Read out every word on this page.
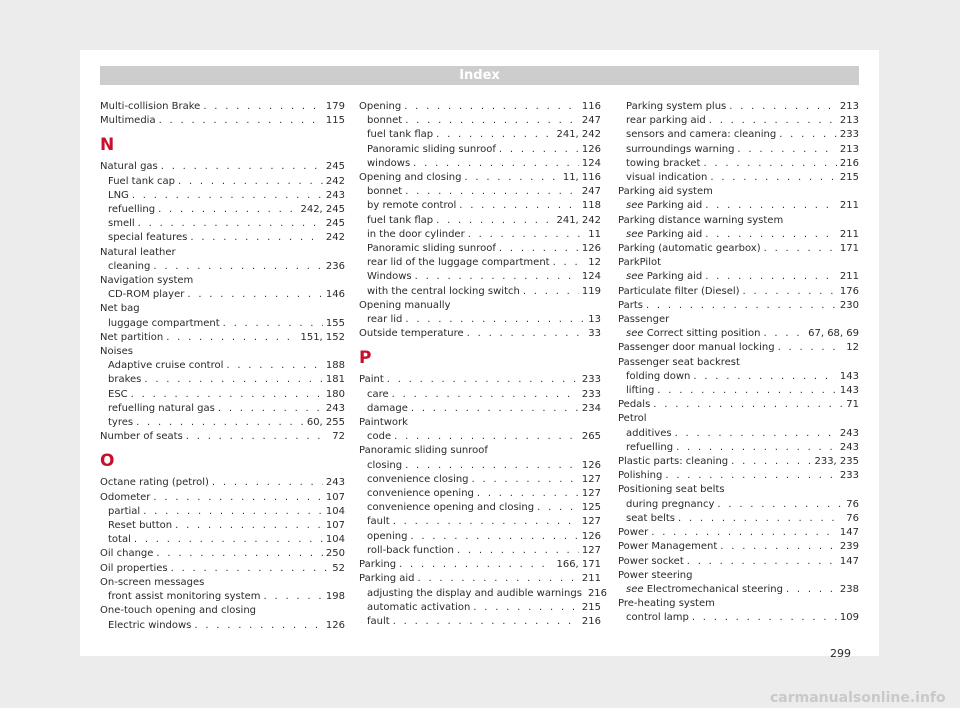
Index
Multi-collision Brake . . .	179
Multimedia . . .	115
N
Natural gas . . .	245
Fuel tank cap . . .	242
LNG . . .	243
refuelling . . .	242, 245
smell . . .	245
special features . . .	242
Natural leather
cleaning . . .	236
Navigation system
CD-ROM player . . .	146
Net bag
luggage compartment . . .	155
Net partition . . .	151, 152
Noises
Adaptive cruise control . . .	188
brakes . . .	181
ESC . . .	180
refuelling natural gas . . .	243
tyres . . .	60, 255
Number of seats . . .	72
O
Octane rating (petrol) . . .	243
Odometer . . .	107
partial . . .	104
Reset button . . .	107
total . . .	104
Oil change . . .	250
Oil properties . . .	52
On-screen messages
front assist monitoring system . . .	198
One-touch opening and closing
Electric windows . . .	126
Opening . . .	116
bonnet . . .	247
fuel tank flap . . .	241, 242
Panoramic sliding sunroof . . .	126
windows . . .	124
Opening and closing . . .	11, 116
bonnet . . .	247
by remote control . . .	118
fuel tank flap . . .	241, 242
in the door cylinder . . .	11
Panoramic sliding sunroof . . .	126
rear lid of the luggage compartment . . .	12
Windows . . .	124
with the central locking switch . . .	119
Opening manually
rear lid . . .	13
Outside temperature . . .	33
P
Paint . . .	233
care . . .	233
damage . . .	234
Paintwork
code . . .	265
Panoramic sliding sunroof
closing . . .	126
convenience closing . . .	127
convenience opening . . .	127
convenience opening and closing . . .	125
fault . . .	127
opening . . .	126
roll-back function . . .	127
Parking . . .	166, 171
Parking aid . . .	211
adjusting the display and audible warnings 216
automatic activation . . .	215
fault . . .	216
Parking system plus . . .	213
rear parking aid . . .	213
sensors and camera: cleaning . . .	233
surroundings warning . . .	213
towing bracket . . .	216
visual indication . . .	215
Parking aid system
see Parking aid . . .	211
Parking distance warning system
see Parking aid . . .	211
Parking (automatic gearbox) . . .	171
ParkPilot
see Parking aid . . .	211
Particulate filter (Diesel) . . .	176
Parts . . .	230
Passenger
see Correct sitting position . . .	67, 68, 69
Passenger door manual locking . . .	12
Passenger seat backrest
folding down . . .	143
lifting . . .	143
Pedals . . .	71
Petrol
additives . . .	243
refuelling . . .	243
Plastic parts: cleaning . . .	233, 235
Polishing . . .	233
Positioning seat belts
during pregnancy . . .	76
seat belts . . .	76
Power . . .	147
Power Management . . .	239
Power socket . . .	147
Power steering
see Electromechanical steering . . .	238
Pre-heating system
control lamp . . .	109
299
carmanualsonline.info
